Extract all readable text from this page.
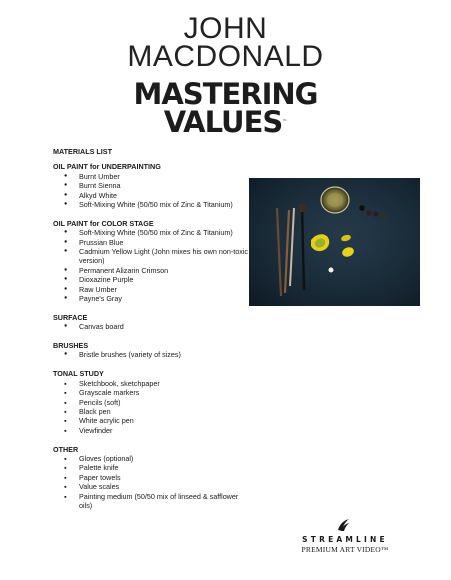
JOHN
MACDONALD
MASTERING
VALUES™
MATERIALS LIST
OIL PAINT for UNDERPAINTING
● Burnt Umber
● Burnt Sienna
● Alkyd White
● Soft-Mixing White (50/50 mix of Zinc & Titanium)
OIL PAINT for COLOR STAGE
● Soft-Mixing White (50/50 mix of Zinc & Titanium)
● Prussian Blue
● Cadmium Yellow Light (John mixes his own non-toxic version)
● Permanent Alizarin Crimson
● Dioxazine Purple
● Raw Umber
● Payne's Gray
SURFACE
● Canvas board
BRUSHES
● Bristle brushes (variety of sizes)
TONAL STUDY
▪ Sketchbook, sketchpaper
▪ Grayscale markers
▪ Pencils (soft)
▪ Black pen
▪ White acrylic pen
▪ Viewfinder
OTHER
▪ Gloves (optional)
▪ Palette knife
▪ Paper towels
▪ Value scales
▪ Painting medium (50/50 mix of linseed & safflower oils)
STREAMLINE
PREMIUM ART VIDEO™
